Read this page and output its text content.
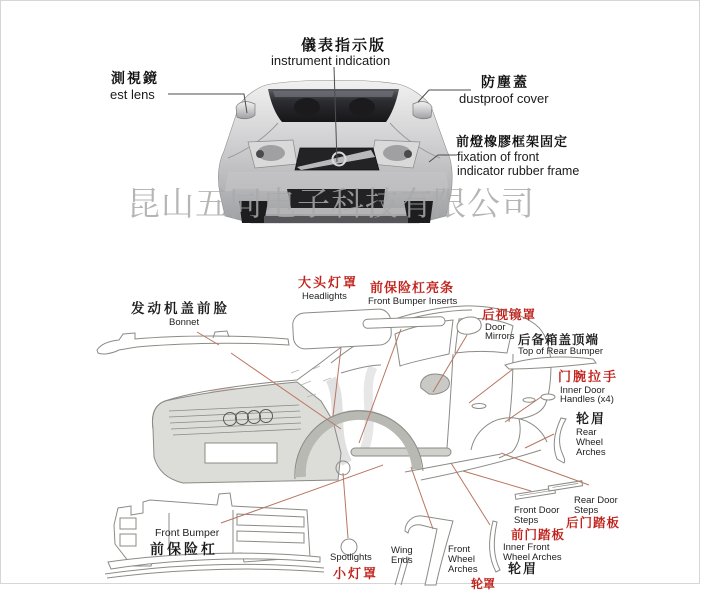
儀表指示版
instrument indication
測視鏡
est lens
防塵蓋
dustproof cover
前燈橡膠框架固定
fixation of front
indicator rubber frame
昆山五同电子科技有限公司
发动机盖前脸
Bonnet
大头灯罩
Headlights
前保险杠亮条
Front Bumper Inserts
后视镜罩
Door
Mirrors 后备箱盖顶端
Top of Rear Bumper
门腕拉手
Inner Door
Handles (x4)
轮眉
Rear
Wheel
Arches
Rear Door
Steps
后门踏板
Front Door
Steps
前门踏板
Inner Front
Wheel Arches
轮眉
Wing
Ends
Front
Wheel
Arches
Spotlights
小灯罩
Front Bumper
前保险杠
轮罩
